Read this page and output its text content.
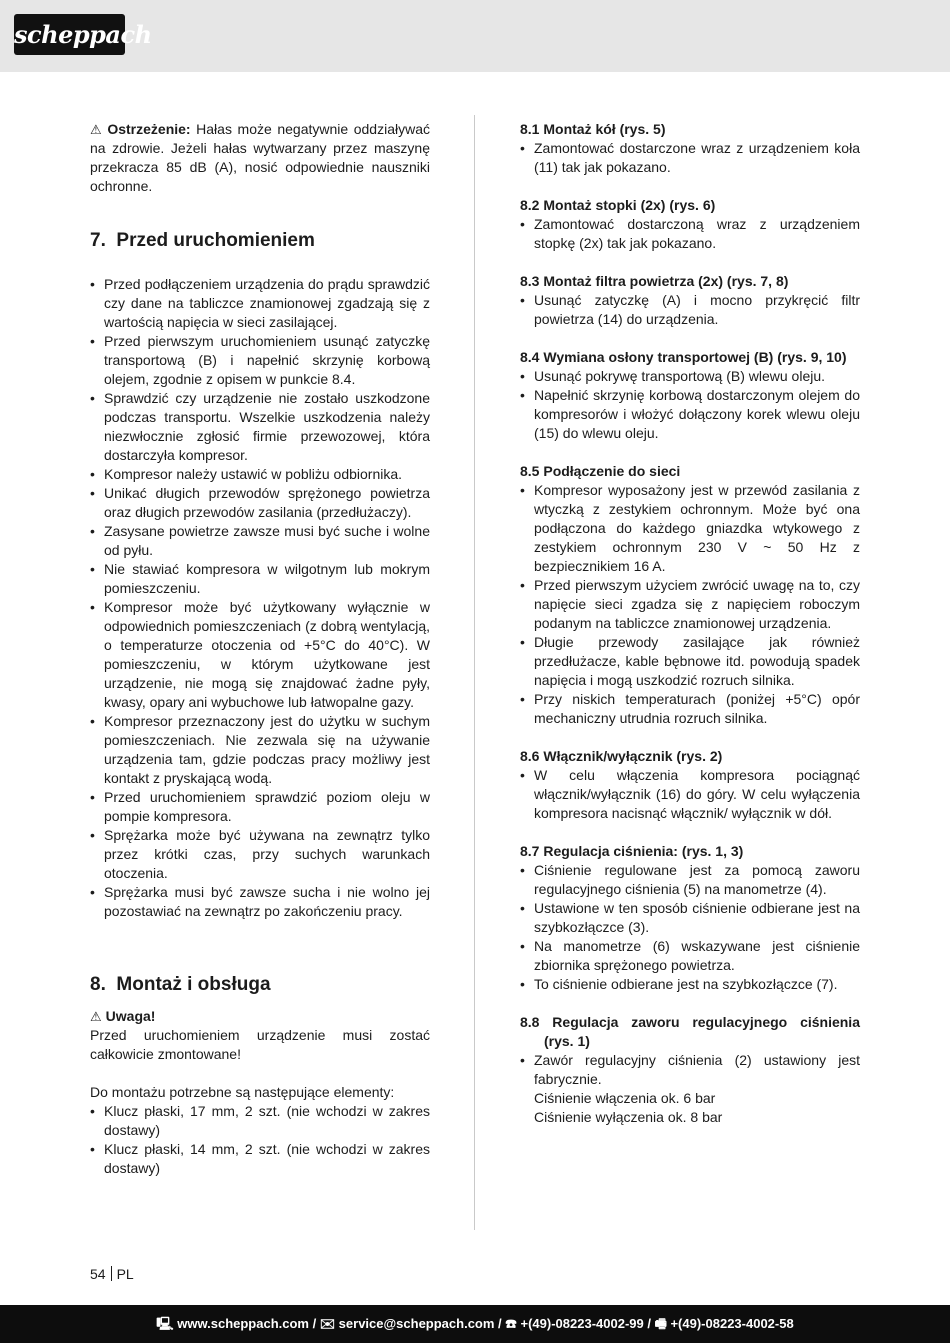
scheppach

⚠ Ostrzeżenie: Hałas może negatywnie oddziaływać na zdrowie. Jeżeli hałas wytwarzany przez maszynę przekracza 85 dB (A), nosić odpowiednie nauszniki ochronne.

7.  Przed uruchomieniem
• Przed podłączeniem urządzenia do prądu sprawdzić czy dane na tabliczce znamionowej zgadzają się z wartością napięcia w sieci zasilającej.
• Przed pierwszym uruchomieniem usunąć zatyczkę transportową (B) i napełnić skrzynię korbową olejem, zgodnie z opisem w punkcie 8.4.
• Sprawdzić czy urządzenie nie zostało uszkodzone podczas transportu. Wszelkie uszkodzenia należy niezwłocznie zgłosić firmie przewozowej, która dostarczyła kompresor.
• Kompresor należy ustawić w pobliżu odbiornika.
• Unikać długich przewodów sprężonego powietrza oraz długich przewodów zasilania (przedłużaczy).
• Zasysane powietrze zawsze musi być suche i wolne od pyłu.
• Nie stawiać kompresora w wilgotnym lub mokrym pomieszczeniu.
• Kompresor może być użytkowany wyłącznie w odpowiednich pomieszczeniach (z dobrą wentylacją, o temperaturze otoczenia od +5°C do 40°C). W pomieszczeniu, w którym użytkowane jest urządzenie, nie mogą się znajdować żadne pyły, kwasy, opary ani wybuchowe lub łatwopalne gazy.
• Kompresor przeznaczony jest do użytku w suchym pomieszczeniach. Nie zezwala się na używanie urządzenia tam, gdzie podczas pracy możliwy jest kontakt z pryskającą wodą.
• Przed uruchomieniem sprawdzić poziom oleju w pompie kompresora.
• Sprężarka może być używana na zewnątrz tylko przez krótki czas, przy suchych warunkach otoczenia.
• Sprężarka musi być zawsze sucha i nie wolno jej pozostawiać na zewnątrz po zakończeniu pracy.
8.  Montaż i obsługa

⚠ Uwaga!

Przed uruchomieniem urządzenie musi zostać całkowicie zmontowane!

Do montażu potrzebne są następujące elementy:

• Klucz płaski, 17 mm, 2 szt. (nie wchodzi w zakres dostawy)
• Klucz płaski, 14 mm, 2 szt. (nie wchodzi w zakres dostawy)
8.1 Montaż kół (rys. 5)
• Zamontować dostarczone wraz z urządzeniem koła (11) tak jak pokazano.
8.2 Montaż stopki (2x) (rys. 6)
• Zamontować dostarczoną wraz z urządzeniem stopkę (2x) tak jak pokazano.
8.3 Montaż filtra powietrza (2x) (rys. 7, 8)
• Usunąć zatyczkę (A) i mocno przykręcić filtr powietrza (14) do urządzenia.
8.4 Wymiana osłony transportowej (B) (rys. 9, 10)
• Usunąć pokrywę transportową (B) wlewu oleju.
• Napełnić skrzynię korbową dostarczonym olejem do kompresorów i włożyć dołączony korek wlewu oleju (15) do wlewu oleju.
8.5 Podłączenie do sieci
• Kompresor wyposażony jest w przewód zasilania z wtyczką z zestykiem ochronnym. Może być ona podłączona do każdego gniazdka wtykowego z zestykiem ochronnym 230 V ~ 50 Hz z bezpiecznikiem 16 A.
• Przed pierwszym użyciem zwrócić uwagę na to, czy napięcie sieci zgadza się z napięciem roboczym podanym na tabliczce znamionowej urządzenia.
• Długie przewody zasilające jak również przedłużacze, kable bębnowe itd. powodują spadek napięcia i mogą uszkodzić rozruch silnika.
• Przy niskich temperaturach (poniżej +5°C) opór mechaniczny utrudnia rozruch silnika.
8.6 Włącznik/wyłącznik (rys. 2)
• W celu włączenia kompresora pociągnąć włącznik/wyłącznik (16) do góry. W celu wyłączenia kompresora nacisnąć włącznik/ wyłącznik w dół.
8.7 Regulacja ciśnienia: (rys. 1, 3)
• Ciśnienie regulowane jest za pomocą zaworu regulacyjnego ciśnienia (5) na manometrze (4).
• Ustawione w ten sposób ciśnienie odbierane jest na szybkozłączce (3).
• Na manometrze (6) wskazywane jest ciśnienie zbiornika sprężonego powietrza.
• To ciśnienie odbierane jest na szybkozłączce (7).
8.8 Regulacja zaworu regulacyjnego ciśnienia
(rys. 1)
• Zawór regulacyjny ciśnienia (2) ustawiony jest fabrycznie.

Ciśnienie włączenia ok. 6 bar

Ciśnienie wyłączenia ok. 8 bar

54 PL
🖳 www.scheppach.com / ✉ service@scheppach.com / ☎ +(49)-08223-4002-99 / 🖷 +(49)-08223-4002-58
